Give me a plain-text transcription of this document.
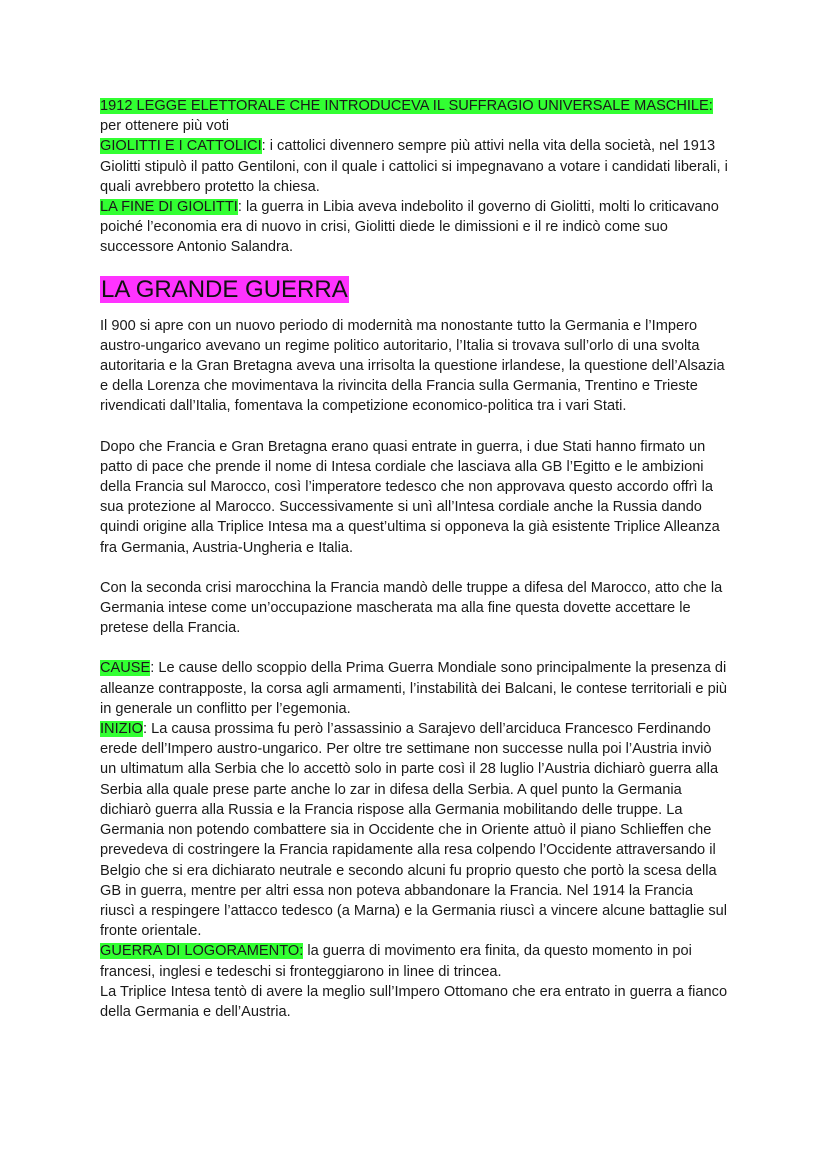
1912 LEGGE ELETTORALE CHE INTRODUCEVA IL SUFFRAGIO UNIVERSALE MASCHILE: per ottenere più voti

GIOLITTI E I CATTOLICI: i cattolici divennero sempre più attivi nella vita della società, nel 1913 Giolitti stipulò il patto Gentiloni, con il quale i cattolici si impegnavano a votare i candidati liberali, i quali avrebbero protetto la chiesa.

LA FINE DI GIOLITTI: la guerra in Libia aveva indebolito il governo di Giolitti, molti lo criticavano poiché l’economia era di nuovo in crisi, Giolitti diede le dimissioni e il re indicò come suo successore Antonio Salandra.

LA GRANDE GUERRA

Il 900 si apre con un nuovo periodo di modernità ma nonostante tutto la Germania e l’Impero austro-ungarico avevano un regime politico autoritario, l’Italia si trovava sull’orlo di una svolta autoritaria e la Gran Bretagna aveva una irrisolta la questione irlandese, la questione dell’Alsazia e della Lorenza che movimentava la rivincita della Francia sulla Germania, Trentino e Trieste rivendicati dall’Italia, fomentava la competizione economico-politica tra i vari Stati.

Dopo che Francia e Gran Bretagna erano quasi entrate in guerra, i due Stati hanno firmato un patto di pace che prende il nome di Intesa cordiale che lasciava alla GB l’Egitto e le ambizioni della Francia sul Marocco, così l’imperatore tedesco che non approvava questo accordo offrì la sua protezione al Marocco. Successivamente si unì all’Intesa cordiale anche la Russia dando quindi origine alla Triplice Intesa ma a quest’ultima si opponeva la già esistente Triplice Alleanza fra Germania, Austria-Ungheria e Italia.

Con la seconda crisi marocchina la Francia mandò delle truppe a difesa del Marocco, atto che la Germania intese come un’occupazione mascherata ma alla fine questa dovette accettare le pretese della Francia.

CAUSE: Le cause dello scoppio della Prima Guerra Mondiale sono principalmente la presenza di alleanze contrapposte, la corsa agli armamenti, l’instabilità dei Balcani, le contese territoriali e più in generale un conflitto per l’egemonia.

INIZIO: La causa prossima fu però l’assassinio a Sarajevo dell’arciduca Francesco Ferdinando erede dell’Impero austro-ungarico. Per oltre tre settimane non successe nulla poi l’Austria inviò un ultimatum alla Serbia che lo accettò solo in parte così il 28 luglio l’Austria dichiarò guerra alla Serbia alla quale prese parte anche lo zar in difesa della Serbia. A quel punto la Germania dichiarò guerra alla Russia e la Francia rispose alla Germania mobilitando delle truppe. La Germania non potendo combattere sia in Occidente che in Oriente attuò il piano Schlieffen che prevedeva di costringere la Francia rapidamente alla resa colpendo l’Occidente attraversando il Belgio che si era dichiarato neutrale e secondo alcuni fu proprio questo che portò la scesa della GB in guerra, mentre per altri essa non poteva abbandonare la Francia. Nel 1914 la Francia riuscì a respingere l’attacco tedesco (a Marna) e la Germania riuscì a vincere alcune battaglie sul fronte orientale.

GUERRA DI LOGORAMENTO: la guerra di movimento era finita, da questo momento in poi francesi, inglesi e tedeschi si fronteggiarono in linee di trincea.

La Triplice Intesa tentò di avere la meglio sull’Impero Ottomano che era entrato in guerra a fianco della Germania e dell’Austria.
